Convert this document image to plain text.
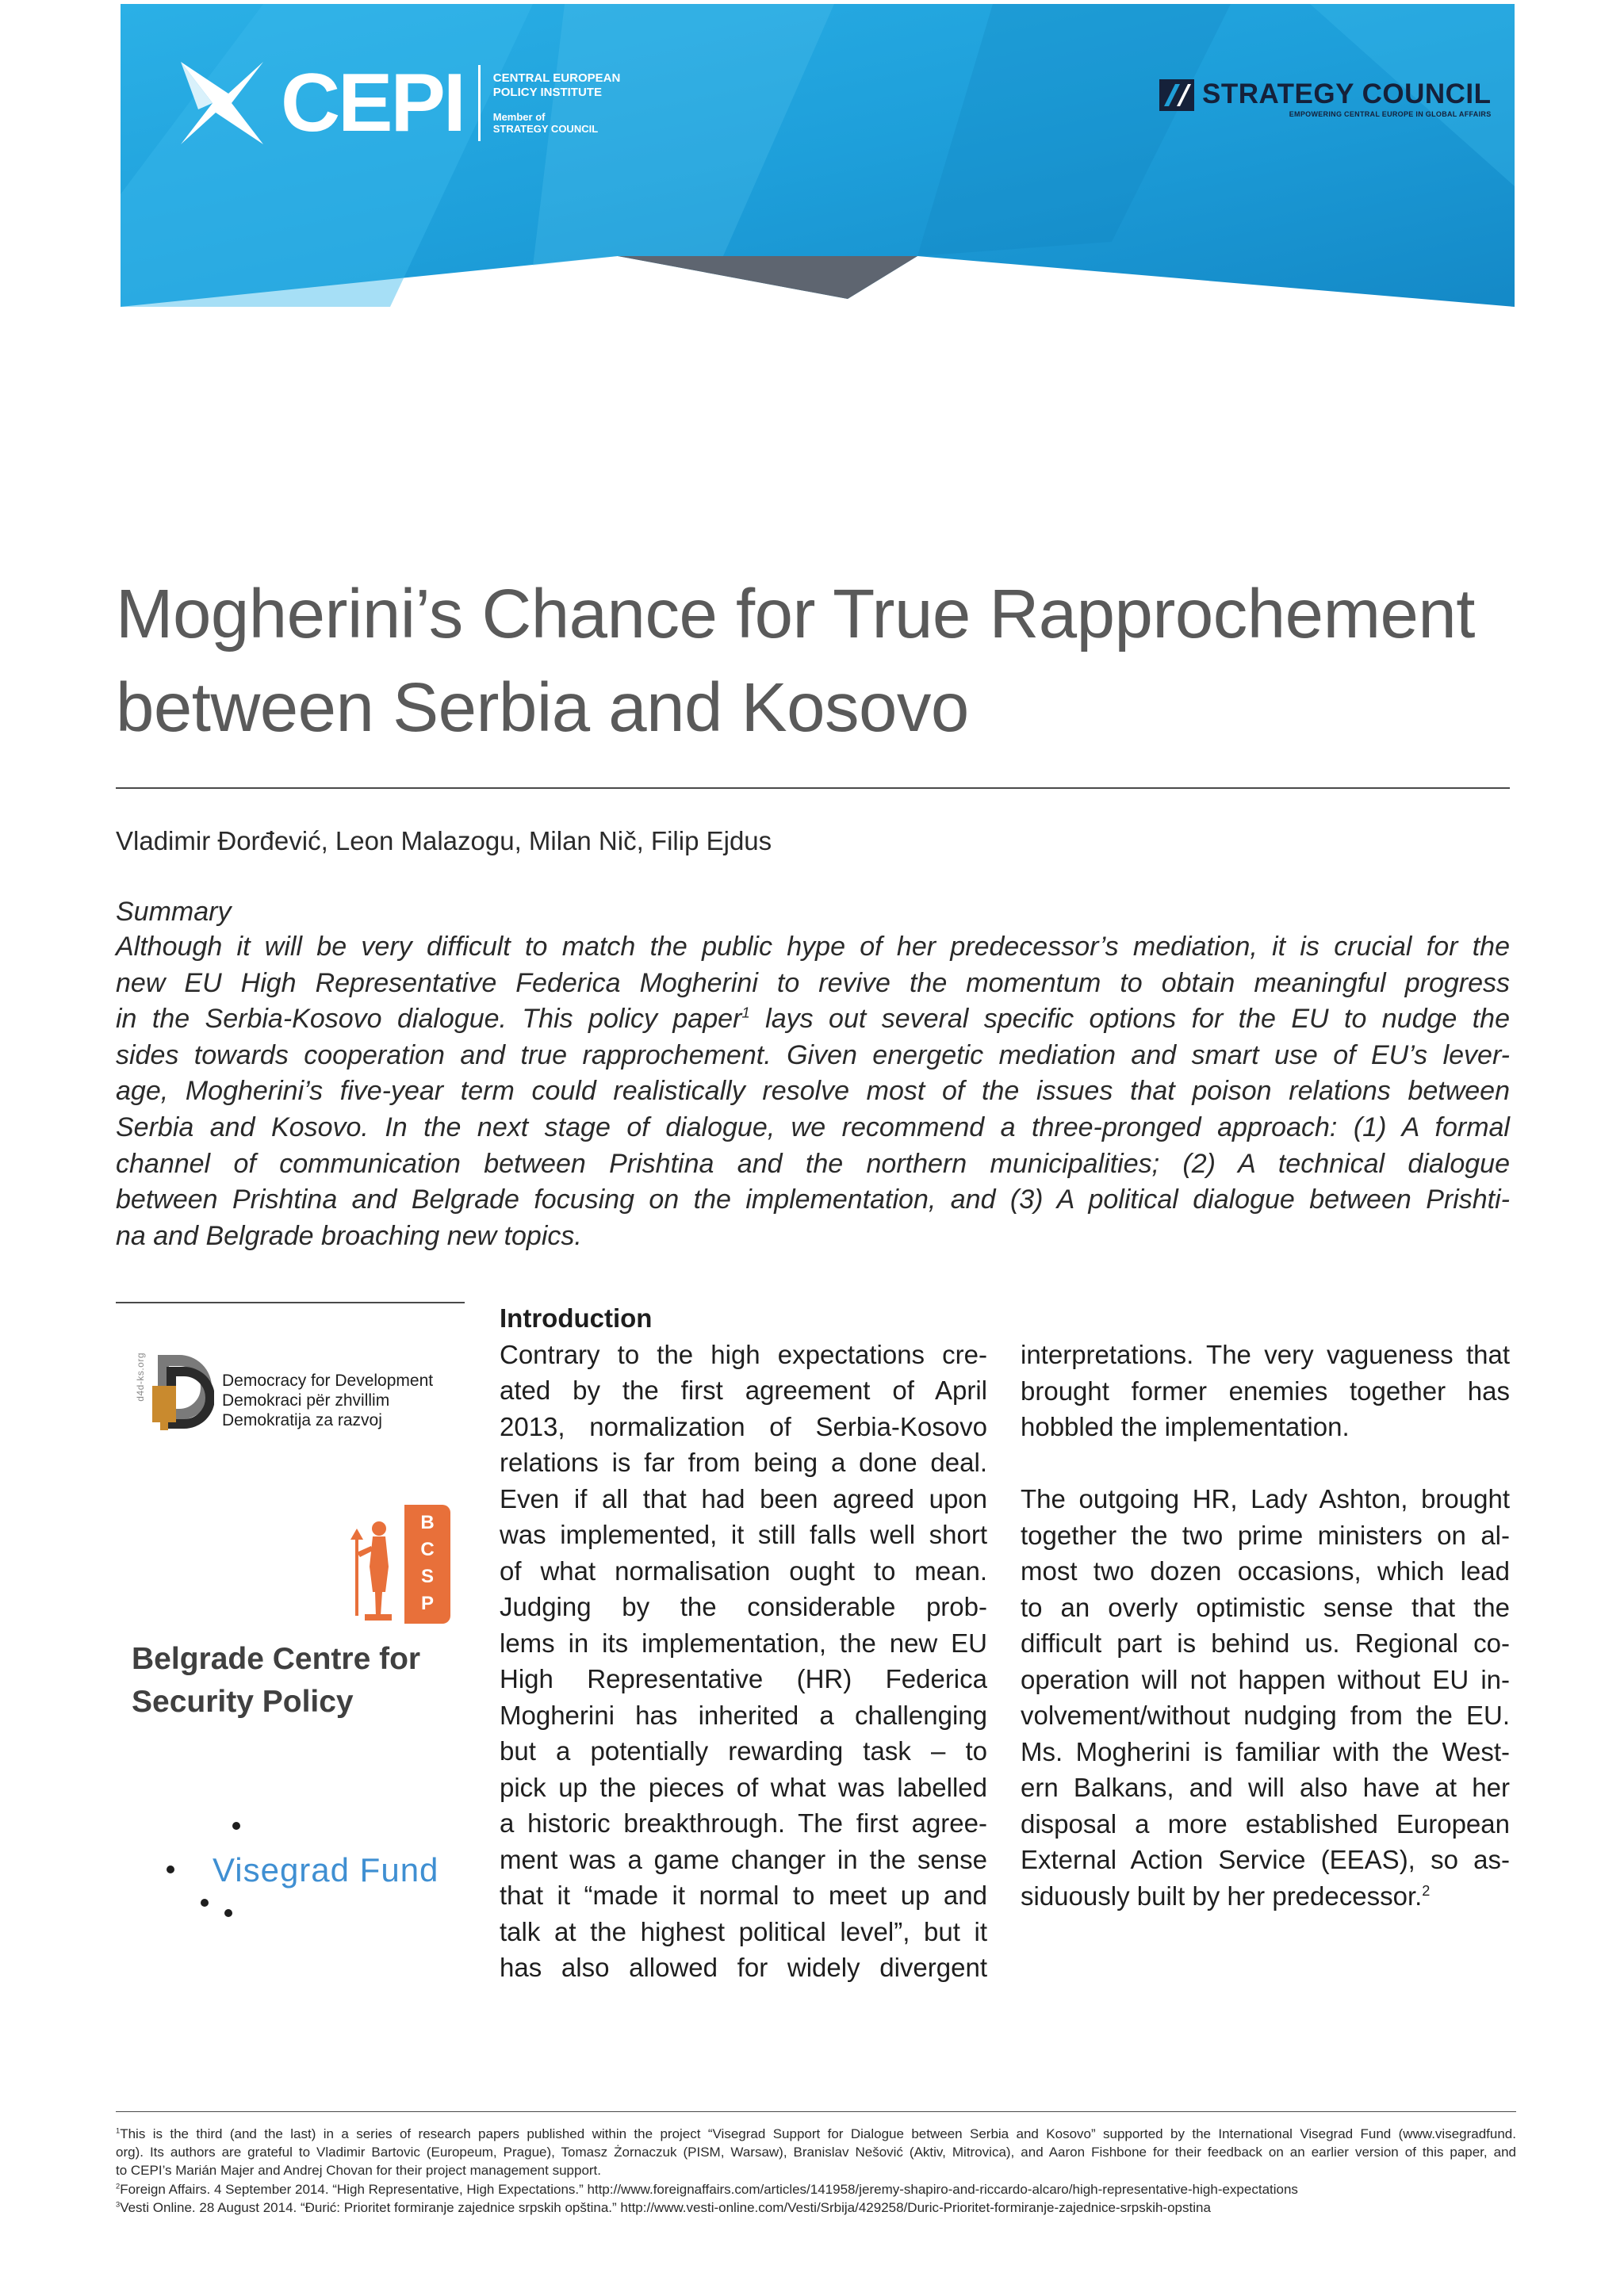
CEPI CENTRAL EUROPEAN
POLICY INSTITUTE
Member of
STRATEGY COUNCIL
STRATEGY COUNCIL
EMPOWERING CENTRAL EUROPE IN GLOBAL AFFAIRS
Mogherini’s Chance for True Rapprochement
between Serbia and Kosovo
Vladimir Đorđević, Leon Malazogu, Milan Nič, Filip Ejdus
Summary
Although it will be very difficult to match the public hype of her predecessor’s mediation, it is crucial for the
new EU High Representative Federica Mogherini to revive the momentum to obtain meaningful progress
in the Serbia-Kosovo dialogue. This policy paper$^1$ lays out several specific options for the EU to nudge the
sides towards cooperation and true rapprochement. Given energetic mediation and smart use of EU’s lever-
age, Mogherini’s five-year term could realistically resolve most of the issues that poison relations between
Serbia and Kosovo. In the next stage of dialogue, we recommend a three-pronged approach: (1) A formal
channel of communication between Prishtina and the northern municipalities; (2) A technical dialogue
between Prishtina and Belgrade focusing on the implementation, and (3) A political dialogue between Prishti-
na and Belgrade broaching new topics.
d4d-ks.org	Democracy for Development
Demokraci për zhvillim
Demokratija za razvoj
B
C
S
P
Belgrade Centre for
Security Policy
Visegrad Fund
Introduction
Contrary to the high expectations cre-
ated by the first agreement of April
2013, normalization of Serbia-Kosovo
relations is far from being a done deal.
Even if all that had been agreed upon
was implemented, it still falls well short
of what normalisation ought to mean.
Judging by the considerable prob-
lems in its implementation, the new EU
High Representative (HR) Federica
Mogherini has inherited a challenging
but a potentially rewarding task – to
pick up the pieces of what was labelled
a historic breakthrough. The first agree-
ment was a game changer in the sense
that it “made it normal to meet up and
talk at the highest political level”, but it
has also allowed for widely divergent
interpretations. The very vagueness that
brought former enemies together has
hobbled the implementation.
The outgoing HR, Lady Ashton, brought
together the two prime ministers on al-
most two dozen occasions, which lead
to an overly optimistic sense that the
difficult part is behind us. Regional co-
operation will not happen without EU in-
volvement/without nudging from the EU.
Ms. Mogherini is familiar with the West-
ern Balkans, and will also have at her
disposal a more established European
External Action Service (EEAS), so as-
siduously built by her predecessor.$^2$
$^1$This is the third (and the last) in a series of research papers published within the project “Visegrad Support for Dialogue between Serbia and Kosovo” supported by the International Visegrad Fund (www.visegradfund.
org). Its authors are grateful to Vladimir Bartovic (Europeum, Prague), Tomasz Żornaczuk (PISM, Warsaw), Branislav Nešović (Aktiv, Mitrovica), and Aaron Fishbone for their feedback on an earlier version of this paper, and
to CEPI’s Marián Majer and Andrej Chovan for their project management support.
$^2$Foreign Affairs. 4 September 2014. “High Representative, High Expectations.” http://www.foreignaffairs.com/articles/141958/jeremy-shapiro-and-riccardo-alcaro/high-representative-high-expectations
$^3$Vesti Online. 28 August 2014. “Đurić: Prioritet formiranje zajednice srpskih opština.” http://www.vesti-online.com/Vesti/Srbija/429258/Duric-Prioritet-formiranje-zajednice-srpskih-opstina
